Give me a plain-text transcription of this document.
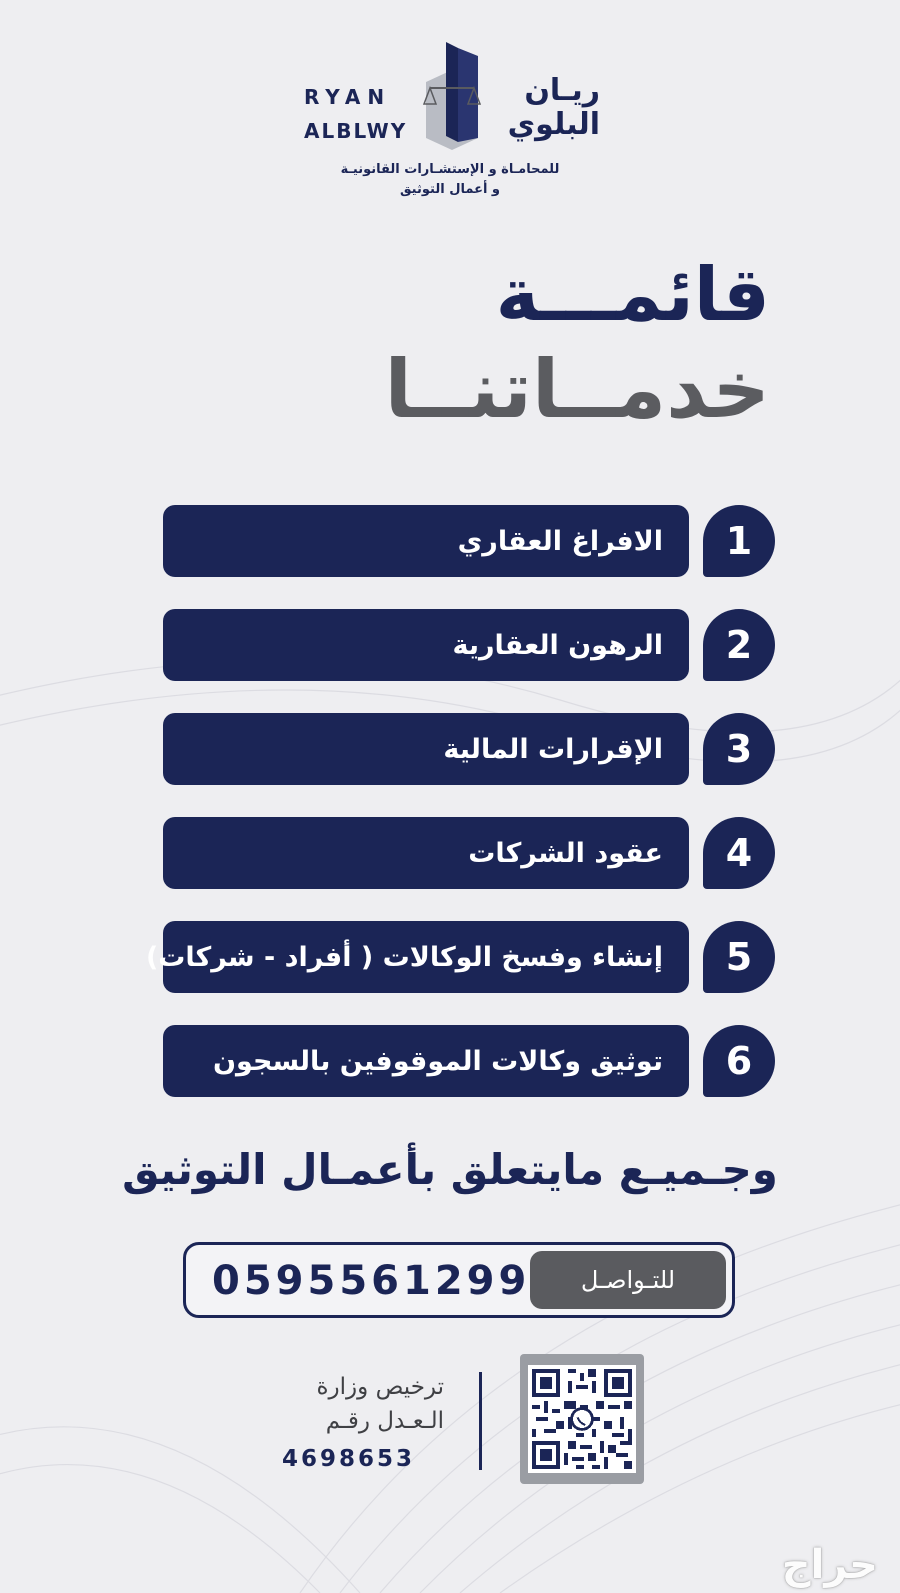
RYAN
ALBLWY
ريـان
البلوي
للمحامـاة و الإستشـارات القانونيـة
و أعمال التوثيق
قائمـــة
خدمــاتنــا
الافراغ العقاري	1
الرهون العقارية	2
الإقرارات المالية	3
عقود الشركات	4
إنشاء وفسخ الوكالات ( أفراد - شركات)	5
توثيق وكالات الموقوفين بالسجون	6
وجـميـع مايتعلق بأعمـال التوثيق
للتـواصـل
0595561299
ترخيص وزارة
الـعـدل رقـم
4698653
حراج
